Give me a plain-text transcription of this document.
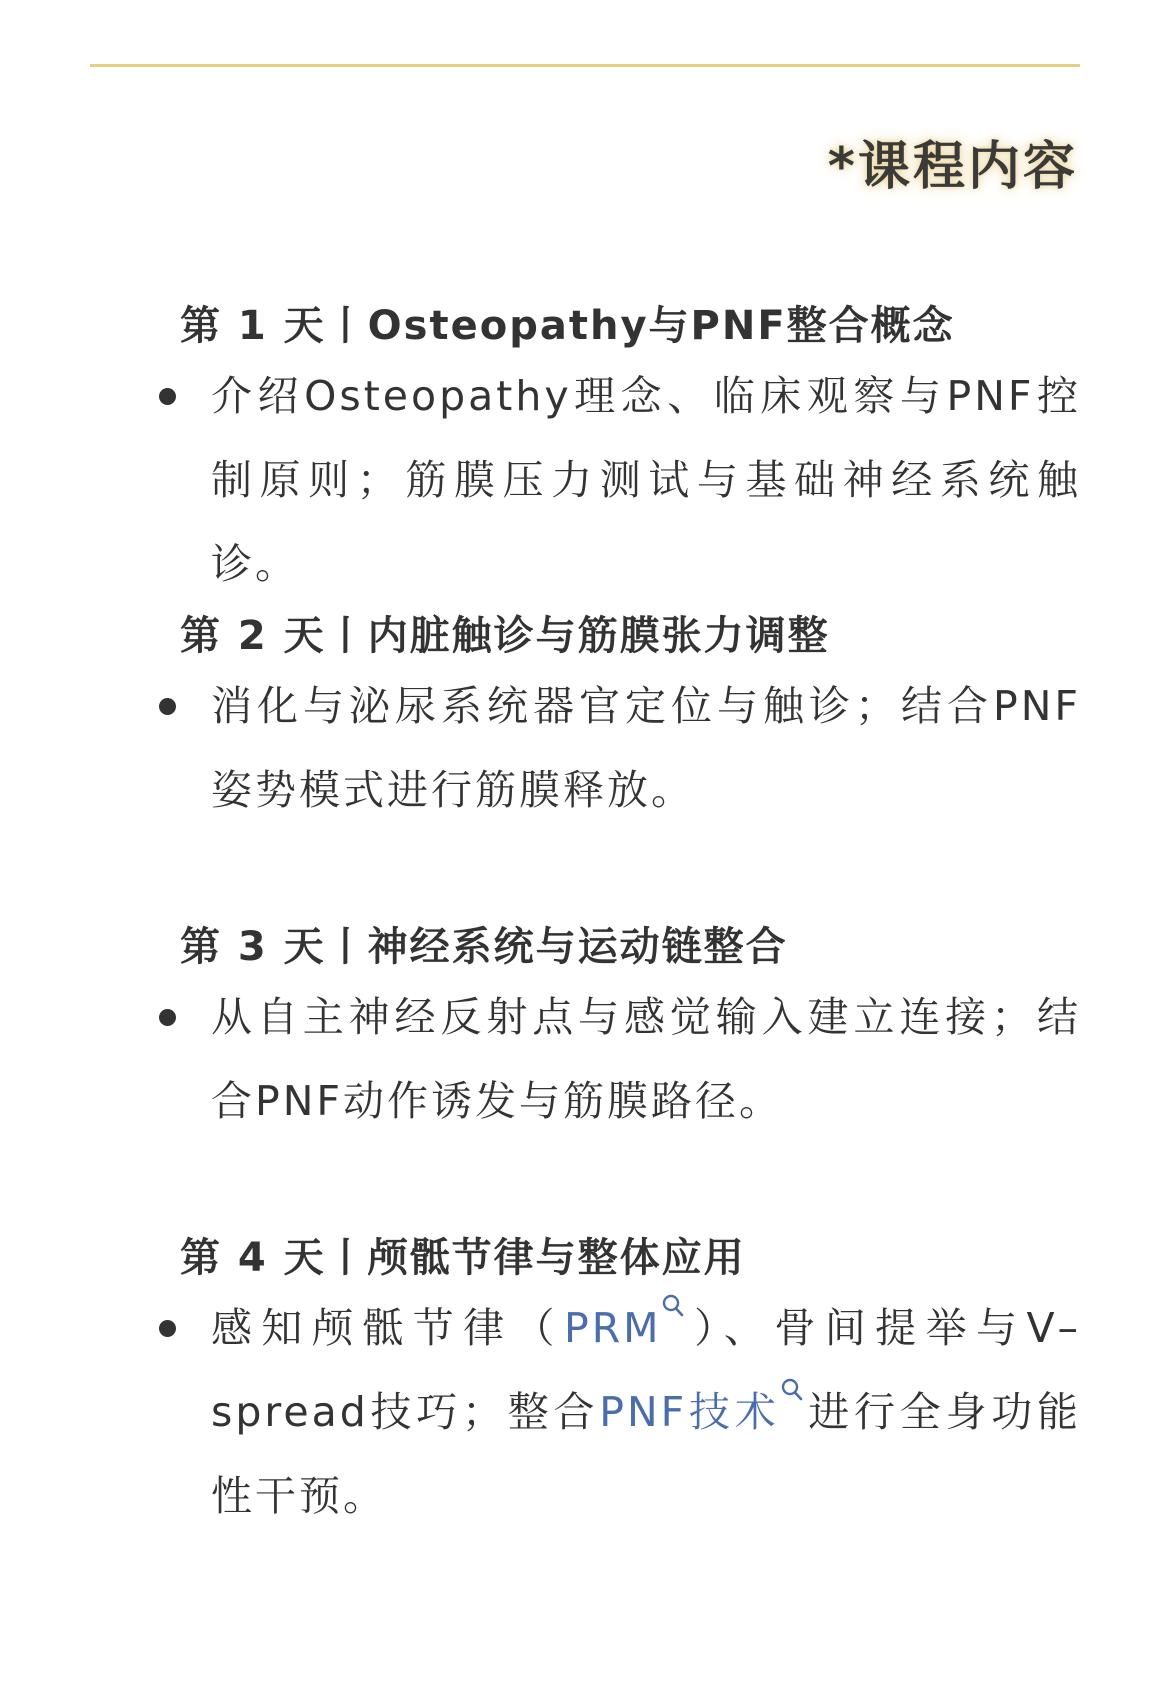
*课程内容
第 1 天丨Osteopathy与PNF整合概念

介绍Osteopathy理念、临床观察与PNF控制原则；筋膜压力测试与基础神经系统触诊。

第 2 天丨内脏触诊与筋膜张力调整

消化与泌尿系统器官定位与触诊；结合PNF姿势模式进行筋膜释放。

第 3 天丨神经系统与运动链整合

从自主神经反射点与感觉输入建立连接；结合PNF动作诱发与筋膜路径。

第 4 天丨颅骶节律与整体应用

感知颅骶节律（PRM ）、骨间提举与V–spread技巧；整合PNF技术 进行全身功能性干预。
